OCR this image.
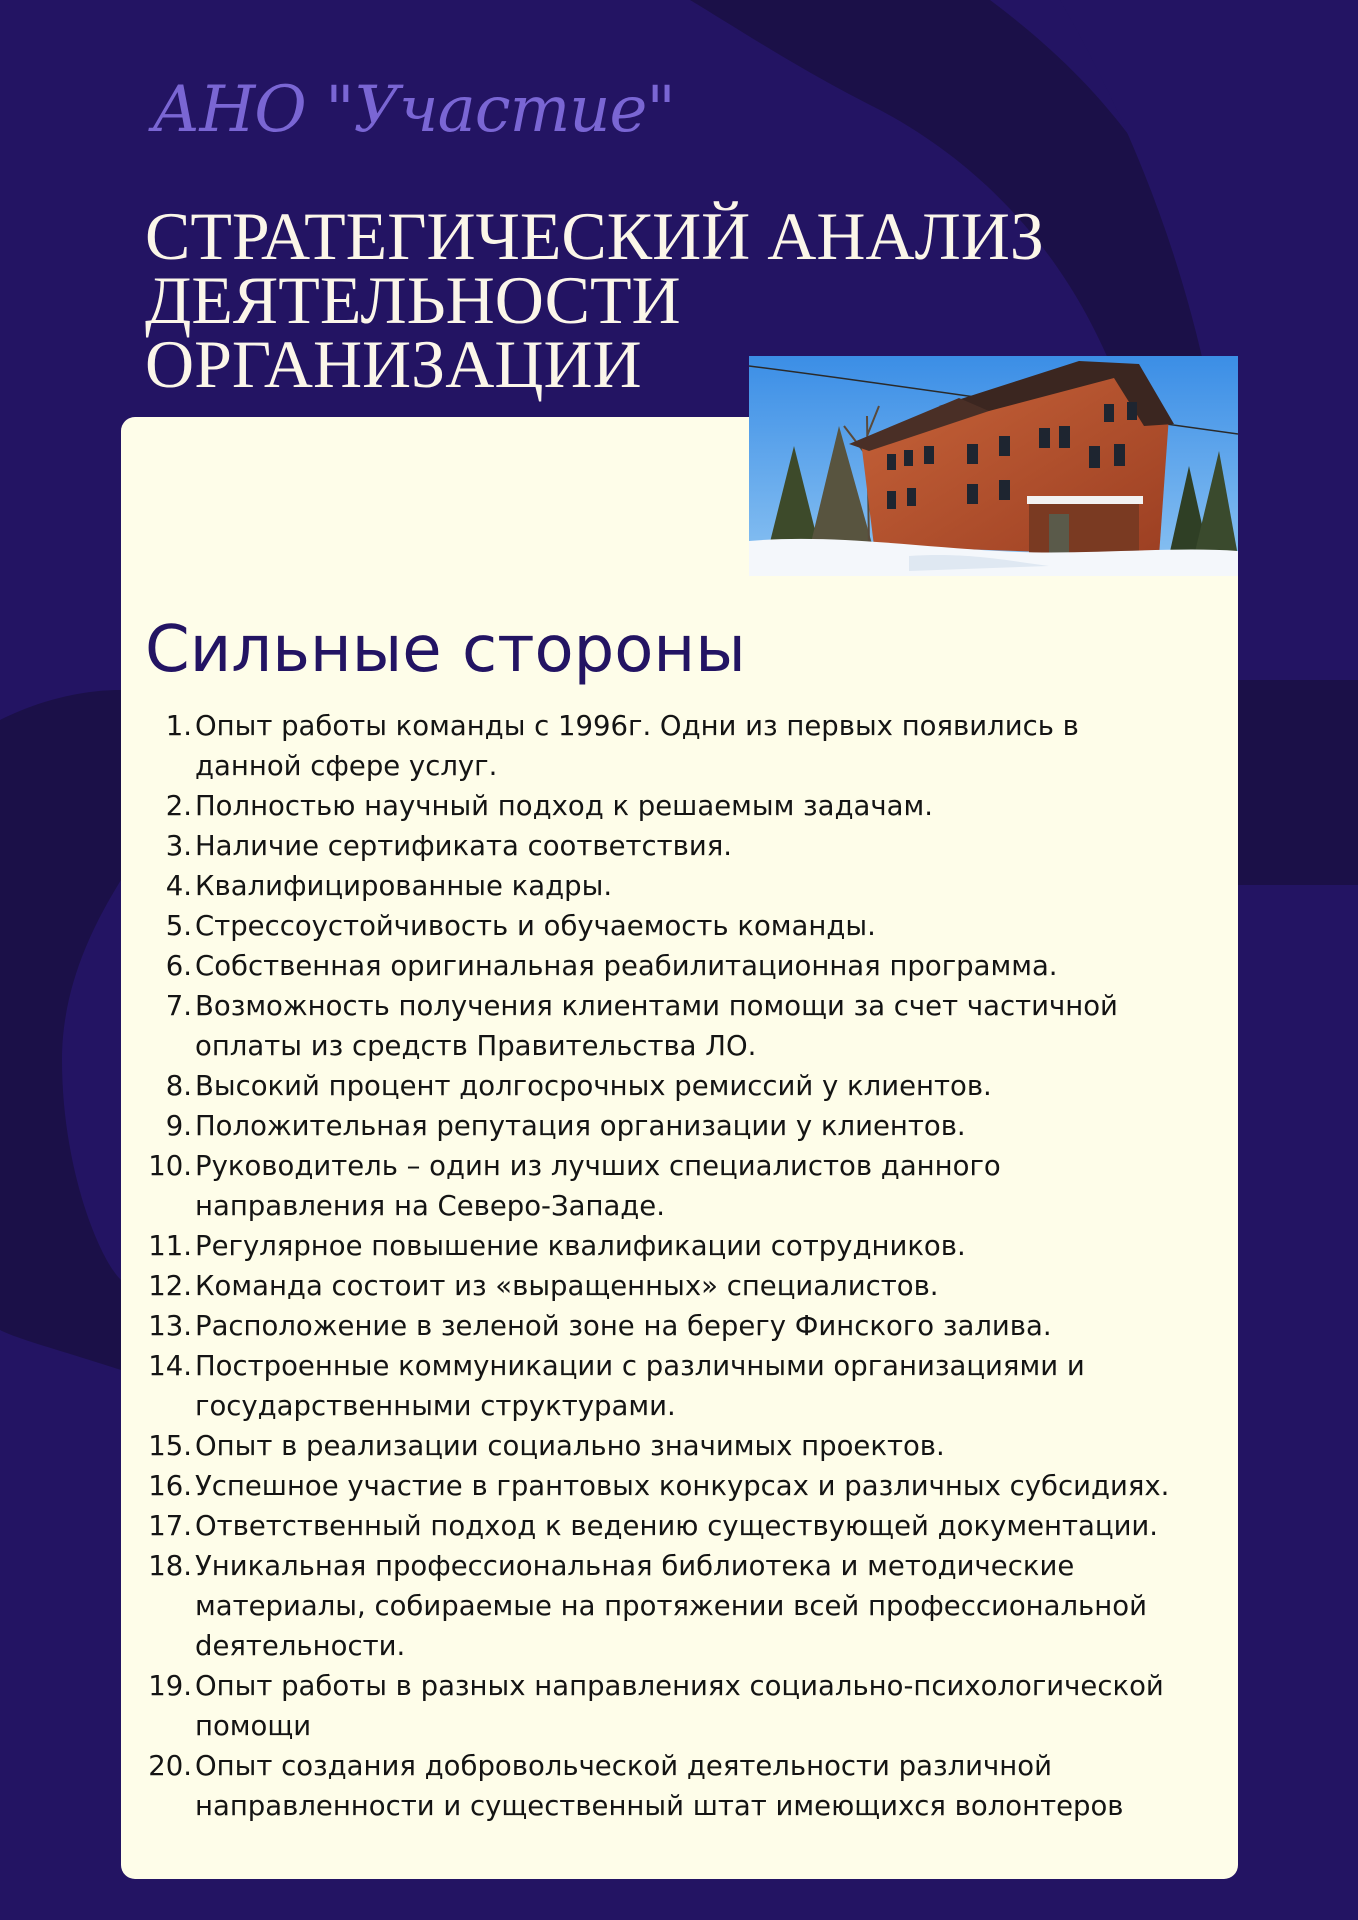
АНО "Участие"
СТРАТЕГИЧЕСКИЙ АНАЛИЗ
ДЕЯТЕЛЬНОСТИ
ОРГАНИЗАЦИИ
Сильные стороны
1. Опыт работы команды с 1996г. Одни из первых появились в
данной сфере услуг.
2. Полностью научный подход к решаемым задачам.
3. Наличие сертификата соответствия.
4. Квалифицированные кадры.
5. Стрессоустойчивость и обучаемость команды.
6. Собственная оригинальная реабилитационная программа.
7. Возможность получения клиентами помощи за счет частичной
оплаты из средств Правительства ЛО.
8. Высокий процент долгосрочных ремиссий у клиентов.
9. Положительная репутация организации у клиентов.
10. Руководитель – один из лучших специалистов данного
направления на Северо-Западе.
11. Регулярное повышение квалификации сотрудников.
12. Команда состоит из «выращенных» специалистов.
13. Расположение в зеленой зоне на берегу Финского залива.
14. Построенные коммуникации с различными организациями и
государственными структурами.
15. Опыт в реализации социально значимых проектов.
16. Успешное участие в грантовых конкурсах и различных субсидиях.
17. Ответственный подход к ведению существующей документации.
18. Уникальная профессиональная библиотека и методические
материалы, собираемые на протяжении всей профессиональной
dеятельности.
19. Опыт работы в разных направлениях социально-психологической
помощи
20. Опыт создания добровольческой деятельности различной
направленности и существенный штат имеющихся волонтеров
